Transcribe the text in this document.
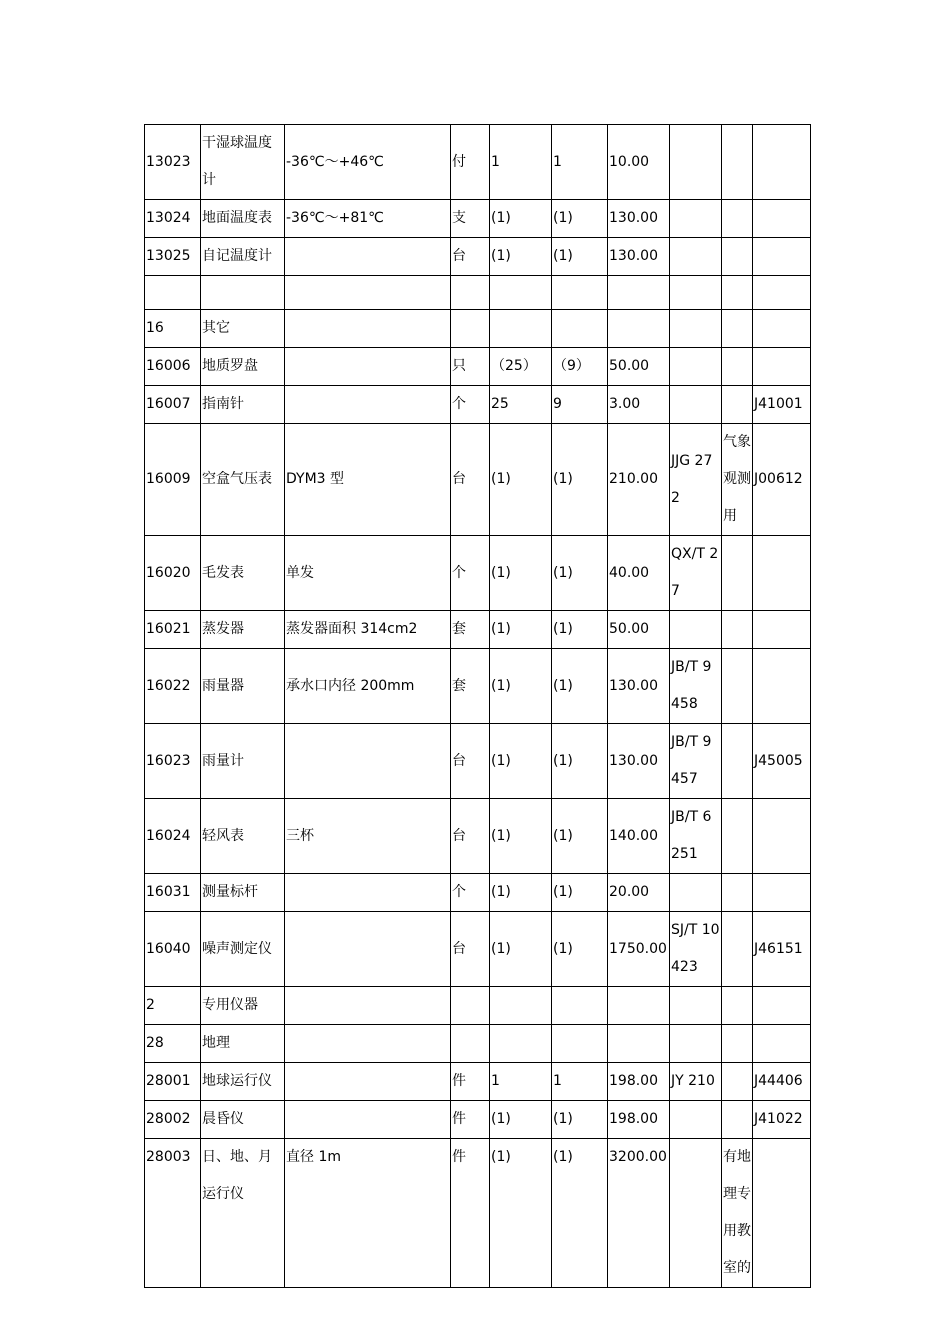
13023	干湿球温度计	-36℃～+46℃	付	1	1	10.00			
13024	地面温度表	-36℃～+81℃	支	(1)	(1)	130.00			
13025	自记温度计		台	(1)	(1)	130.00			

16	其它								
16006	地质罗盘		只	（25）	（9）	50.00			
16007	指南针		个	25	9	3.00			J41001
16009	空盒气压表	DYM3 型	台	(1)	(1)	210.00	JJG 272	气象观测用	J00612
16020	毛发表	单发	个	(1)	(1)	40.00	QX/T 27		
16021	蒸发器	蒸发器面积 314cm2	套	(1)	(1)	50.00			
16022	雨量器	承水口内径 200mm	套	(1)	(1)	130.00	JB/T 9458		
16023	雨量计		台	(1)	(1)	130.00	JB/T 9457		J45005
16024	轻风表	三杯	台	(1)	(1)	140.00	JB/T 6251		
16031	测量标杆		个	(1)	(1)	20.00			
16040	噪声测定仪		台	(1)	(1)	1750.00	SJ/T 10423		J46151
2	专用仪器								
28	地理								
28001	地球运行仪		件	1	1	198.00	JY 210		J44406
28002	晨昏仪		件	(1)	(1)	198.00			J41022
28003	日、地、月运行仪	直径 1m	件	(1)	(1)	3200.00		有地理专用教室的	
